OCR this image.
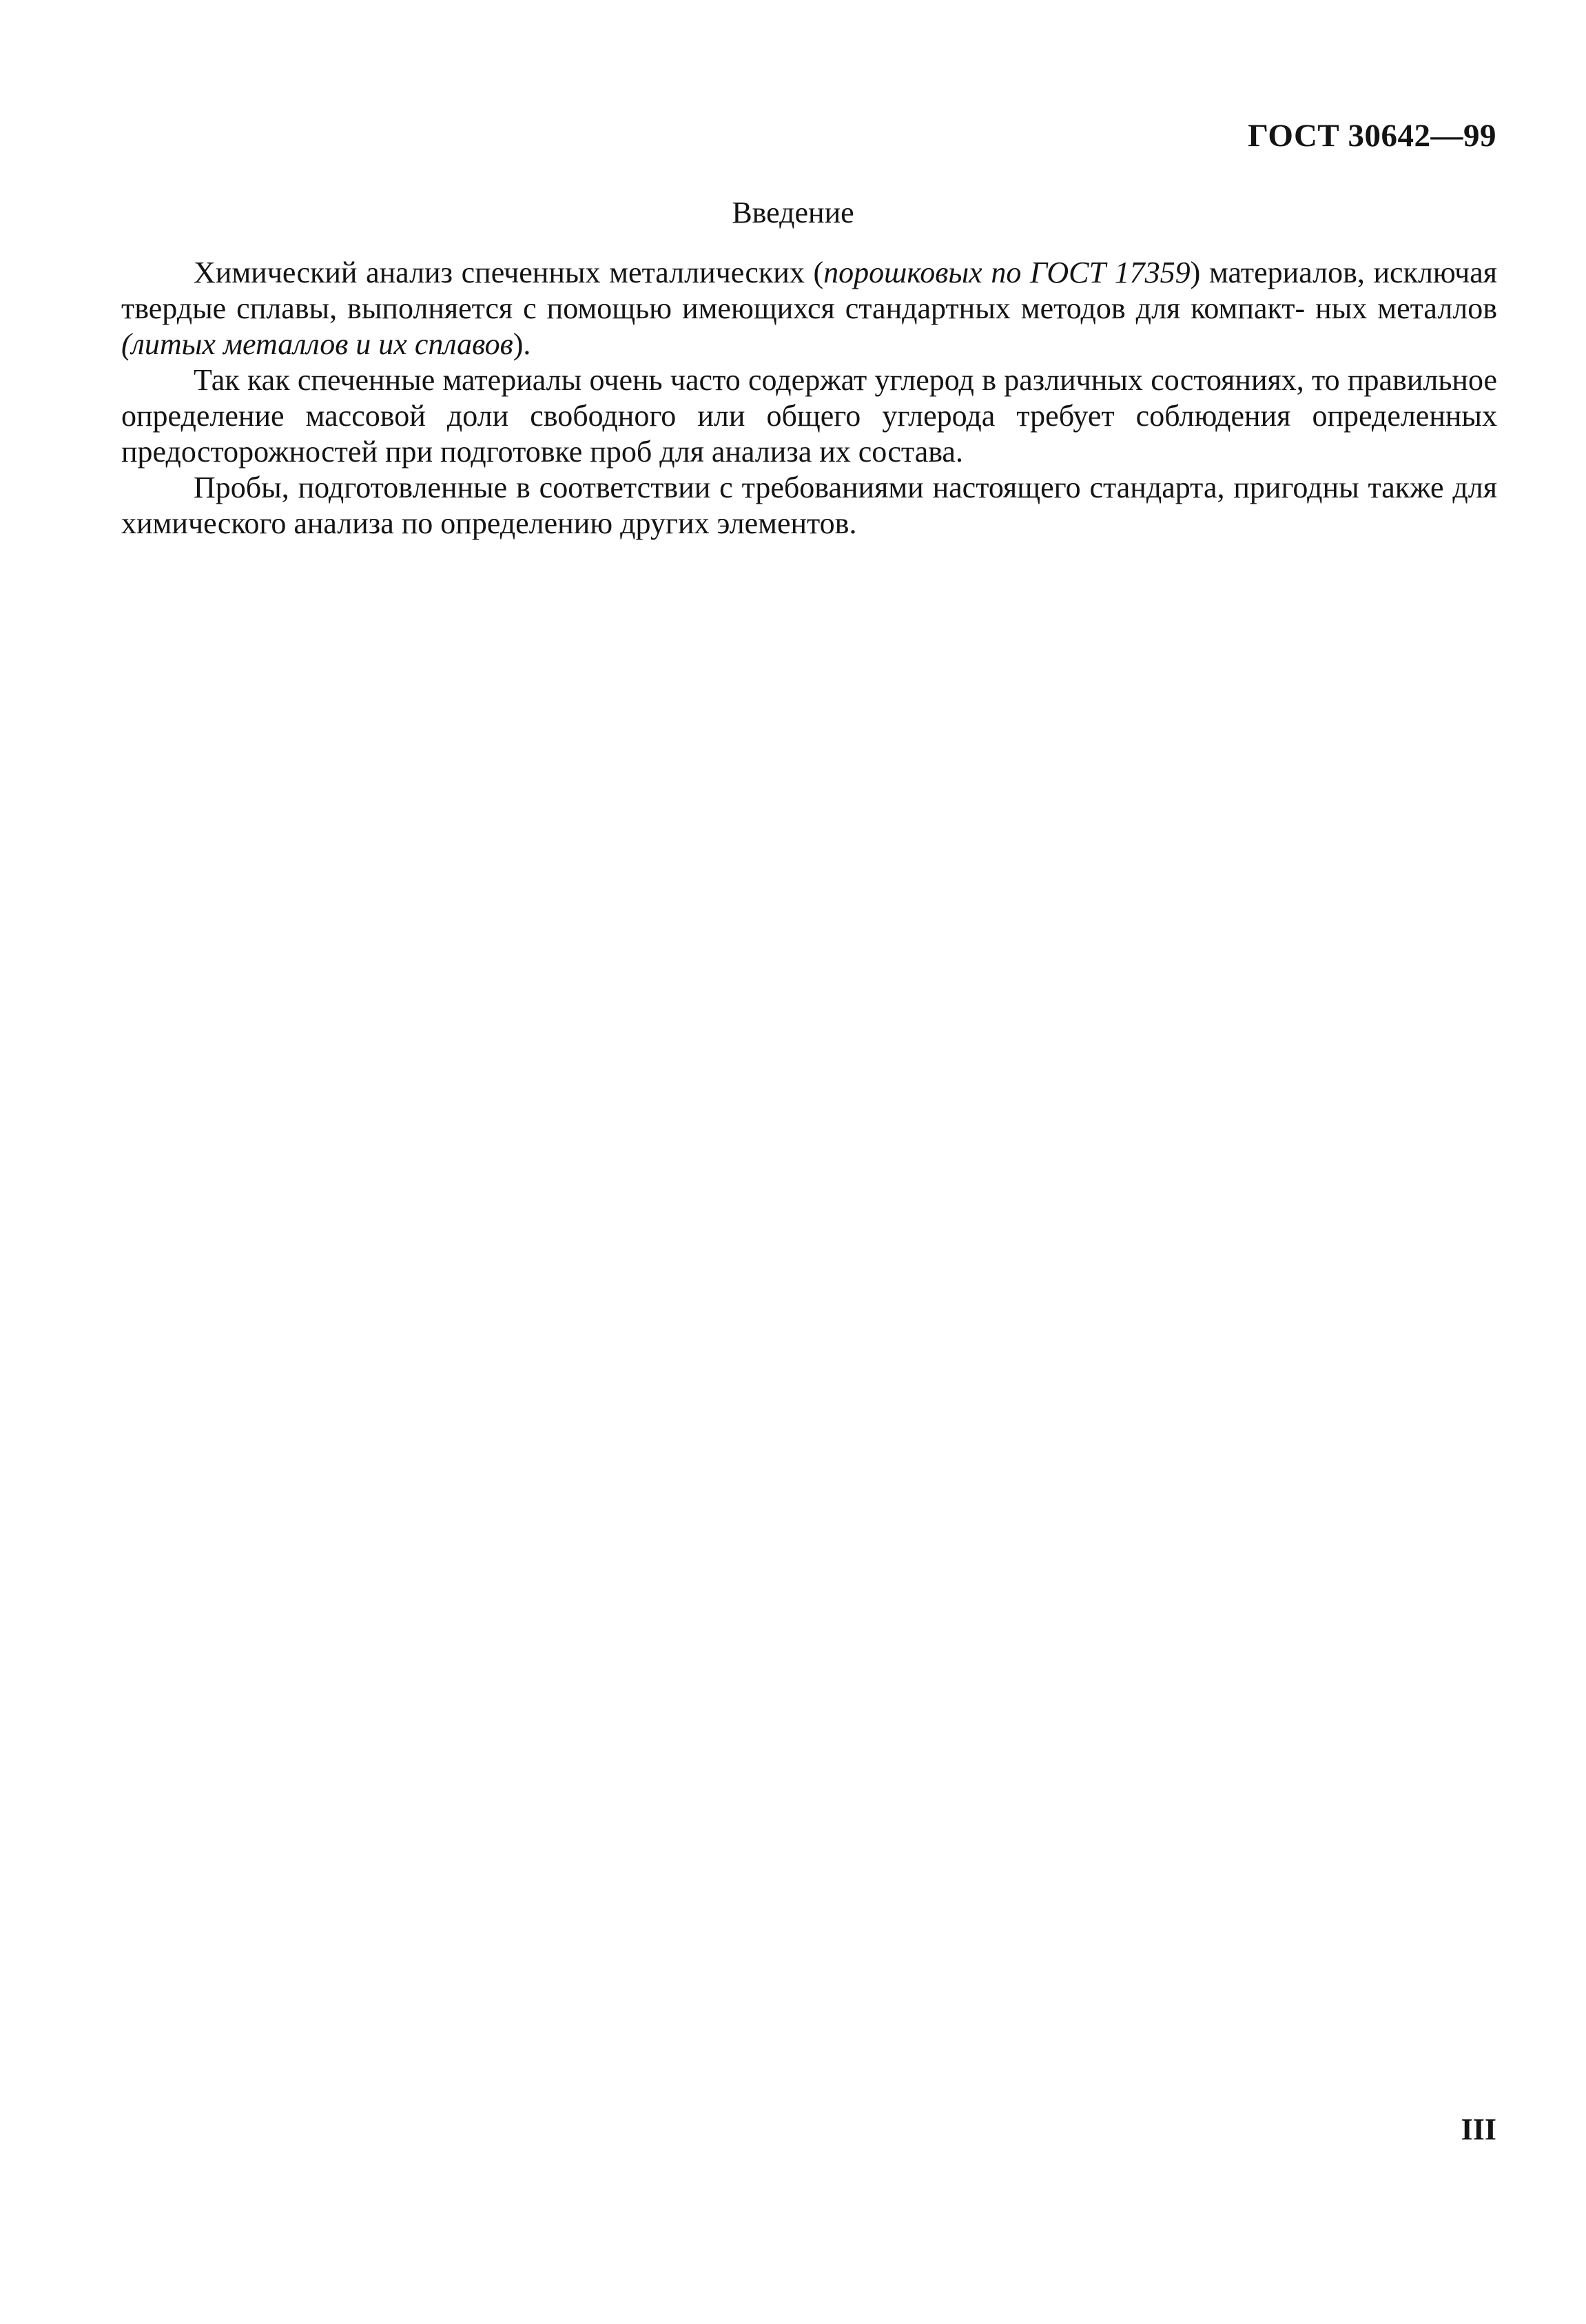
ГОСТ 30642—99
Введение

Химический анализ спеченных металлических (порошковых по ГОСТ 17359) материалов, исключая твердые сплавы, выполняется с помощью имеющихся стандартных методов для компакт- ных металлов (литых металлов и их сплавов).

Так как спеченные материалы очень часто содержат углерод в различных состояниях, то правильное определение массовой доли свободного или общего углерода требует соблюдения определенных предосторожностей при подготовке проб для анализа их состава.

Пробы, подготовленные в соответствии с требованиями настоящего стандарта, пригодны также для химического анализа по определению других элементов.

III
